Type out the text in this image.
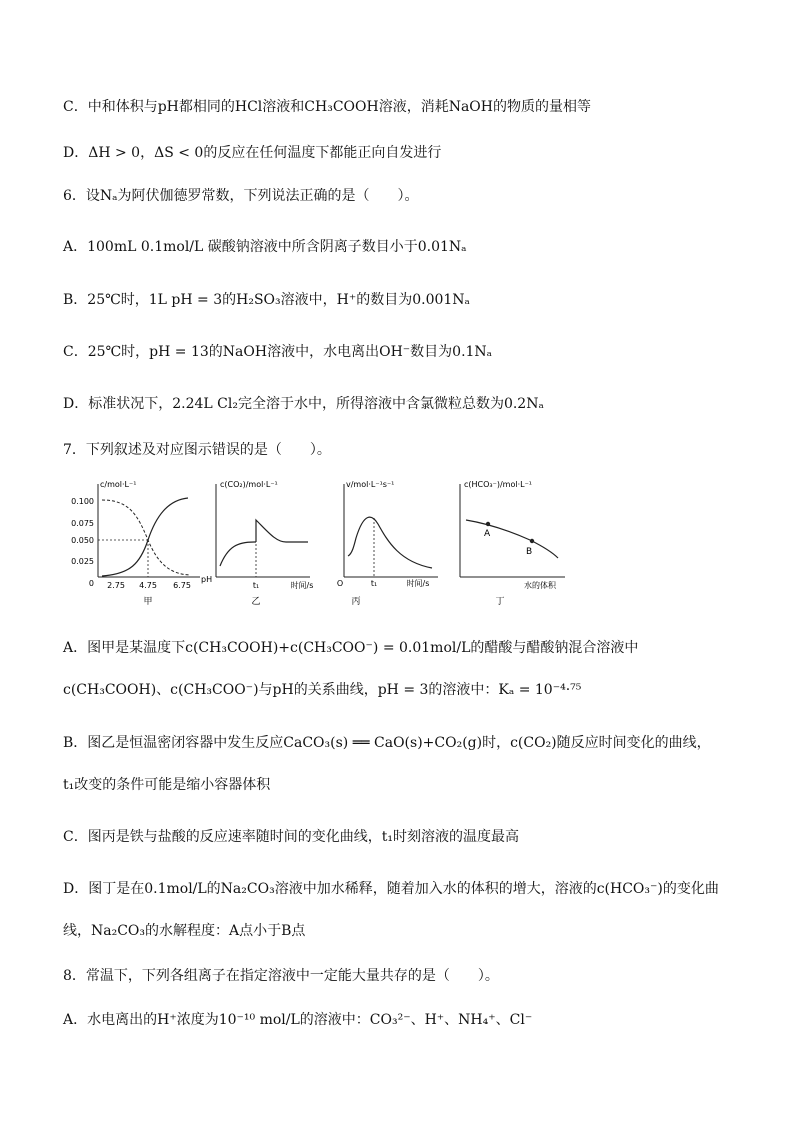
C．中和体积与pH都相同的HCl溶液和CH₃COOH溶液，消耗NaOH的物质的量相等
D．ΔH > 0，ΔS < 0的反应在任何温度下都能正向自发进行
6．设Nₐ为阿伏伽德罗常数，下列说法正确的是（　　）。
A．100mL 0.1mol/L 碳酸钠溶液中所含阴离子数目小于0.01Nₐ
B．25℃时，1L pH = 3的H₂SO₃溶液中，H⁺的数目为0.001Nₐ
C．25℃时，pH = 13的NaOH溶液中，水电离出OH⁻数目为0.1Nₐ
D．标准状况下，2.24L Cl₂完全溶于水中，所得溶液中含氯微粒总数为0.2Nₐ
7．下列叙述及对应图示错误的是（　　）。
c/mol·L⁻¹
0.100
0.075
0.050
0.025
0 2.75 4.75 6.75
pH
甲
c(CO₂)/mol·L⁻¹
t₁	时间/s
乙
v/mol·L⁻¹s⁻¹
O	t₁	时间/s
丙
c(HCO₃⁻)/mol·L⁻¹
A
B
水的体积
丁
A．图甲是某温度下c(CH₃COOH)+c(CH₃COO⁻) = 0.01mol/L的醋酸与醋酸钠混合溶液中
c(CH₃COOH)、c(CH₃COO⁻)与pH的关系曲线，pH = 3的溶液中：Kₐ = 10⁻⁴·⁷⁵
B．图乙是恒温密闭容器中发生反应CaCO₃(s) ══ CaO(s)+CO₂(g)时，c(CO₂)随反应时间变化的曲线，
t₁改变的条件可能是缩小容器体积
C．图丙是铁与盐酸的反应速率随时间的变化曲线，t₁时刻溶液的温度最高
D．图丁是在0.1mol/L的Na₂CO₃溶液中加水稀释，随着加入水的体积的增大，溶液的c(HCO₃⁻)的变化曲
线，Na₂CO₃的水解程度：A点小于B点
8．常温下，下列各组离子在指定溶液中一定能大量共存的是（　　）。
A．水电离出的H⁺浓度为10⁻¹⁰ mol/L的溶液中：CO₃²⁻、H⁺、NH₄⁺、Cl⁻
